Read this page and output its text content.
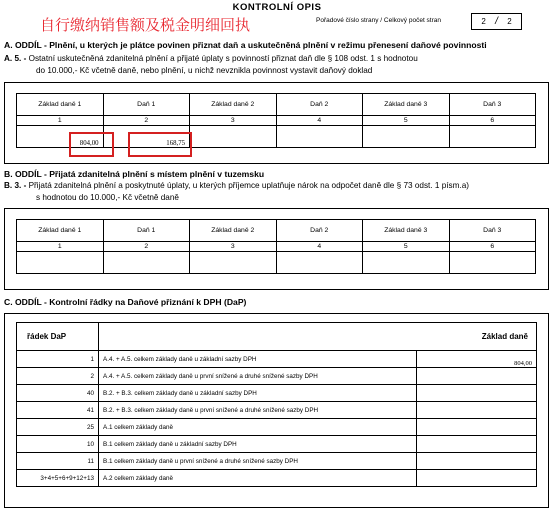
KONTROLNÍ OPIS
自行缴纳销售额及税金明细回执	Pořadové číslo strany / Celkový počet stran	2 / 2
A. ODDÍL - Plnění, u kterých je plátce povinen přiznat daň a uskutečněná plnění v režimu přenesení daňové povinnosti
A. 5. - Ostatní uskutečněná zdanitelná plnění a přijaté úplaty s povinností přiznat daň dle § 108 odst. 1 s hodnotou
do 10.000,- Kč včetně daně, nebo plnění, u nichž nevznikla povinnost vystavit daňový doklad
Základ daně 1	Daň 1	Základ daně 2	Daň 2	Základ daně 3	Daň 3
1	2	3	4	5	6
804,00	168,75				
B. ODDÍL - Přijatá zdanitelná plnění s místem plnění v tuzemsku
B. 3. - Přijatá zdanitelná plnění a poskytnuté úplaty, u kterých příjemce uplatňuje nárok na odpočet daně dle § 73 odst. 1 písm.a)
s hodnotou do 10.000,- Kč včetně daně
Základ daně 1	Daň 1	Základ daně 2	Daň 2	Základ daně 3	Daň 3
1	2	3	4	5	6

C. ODDÍL - Kontrolní řádky na Daňové přiznání k DPH (DaP)
řádek DaP		Základ daně
1	A.4. + A.5. celkem základy daně u základní sazby DPH	804,00
2	A.4. + A.5. celkem základy daně u první snížené a druhé snížené sazby DPH	
40	B.2. + B.3. celkem základy daně u základní sazby DPH	
41	B.2. + B.3. celkem základy daně u první snížené a druhé snížené sazby DPH	
25	A.1 celkem základy daně	
10	B.1 celkem základy daně u základní sazby DPH	
11	B.1 celkem základy daně u první snížené a druhé snížené sazby DPH	
3+4+5+6+9+12+13	A.2 celkem základy daně	
